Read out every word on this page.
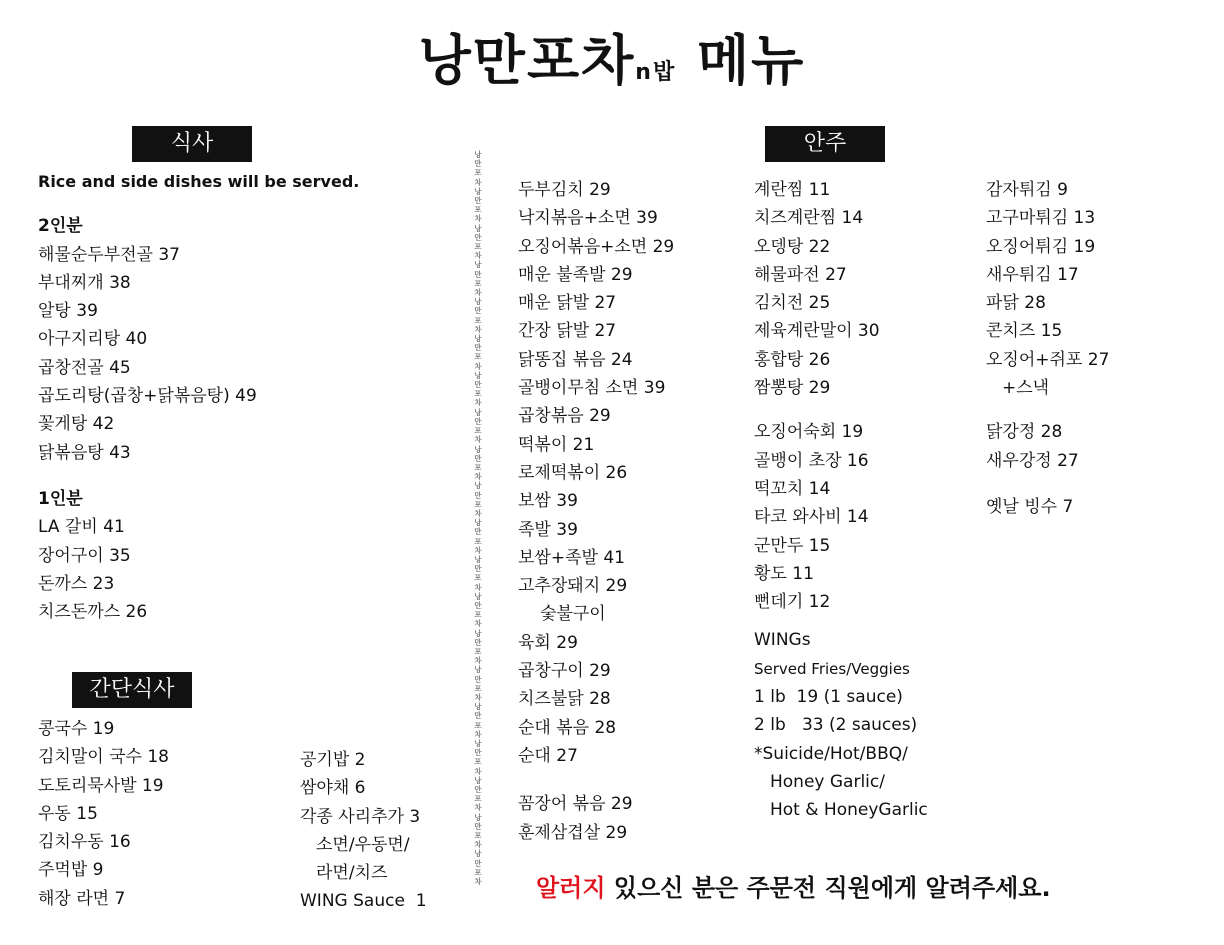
낭만포차n밥 메뉴
식사	안주
간단식사
Rice and side dishes will be served.
2인분
해물순두부전골 37
부대찌개 38
알탕 39
아구지리탕 40
곱창전골 45
곱도리탕(곱창+닭볶음탕) 49
꽃게탕 42
닭볶음탕 43
1인분
LA 갈비 41
장어구이 35
돈까스 23
치즈돈까스 26
콩국수 19
김치말이 국수 18
도토리묵사발 19
우동 15
김치우동 16
주먹밥 9
해장 라면 7
공기밥 2
쌈야채 6
각종 사리추가 3
소면/우동면/
라면/치즈
WING Sauce  1
낭만포차낭만포차낭만포차낭만포차낭만포차낭만포차낭만포차낭만포차낭만포차낭만포차낭만포차낭만포차낭만포차낭만포차낭만포차낭만포차낭만포차낭만포차낭만포차낭만포차
두부김치 29
낙지볶음+소면 39
오징어볶음+소면 29
매운 불족발 29
매운 닭발 27
간장 닭발 27
닭똥집 볶음 24
골뱅이무침 소면 39
곱창볶음 29
떡볶이 21
로제떡볶이 26
보쌈 39
족발 39
보쌈+족발 41
고추장돼지 29
숯불구이
육회 29
곱창구이 29
치즈불닭 28
순대 볶음 28
순대 27
꼼장어 볶음 29
훈제삼겹살 29
계란찜 11
치즈계란찜 14
오뎅탕 22
해물파전 27
김치전 25
제육계란말이 30
홍합탕 26
짬뽕탕 29
오징어숙회 19
골뱅이 초장 16
떡꼬치 14
타코 와사비 14
군만두 15
황도 11
뻔데기 12
WINGs
Served Fries/Veggies
1 lb  19 (1 sauce)
2 lb   33 (2 sauces)
*Suicide/Hot/BBQ/
Honey Garlic/
Hot & HoneyGarlic
감자튀김 9
고구마튀김 13
오징어튀김 19
새우튀김 17
파닭 28
콘치즈 15
오징어+쥐포 27
+스낵
닭강정 28
새우강정 27
옛날 빙수 7
알러지 있으신 분은 주문전 직원에게 알려주세요.
